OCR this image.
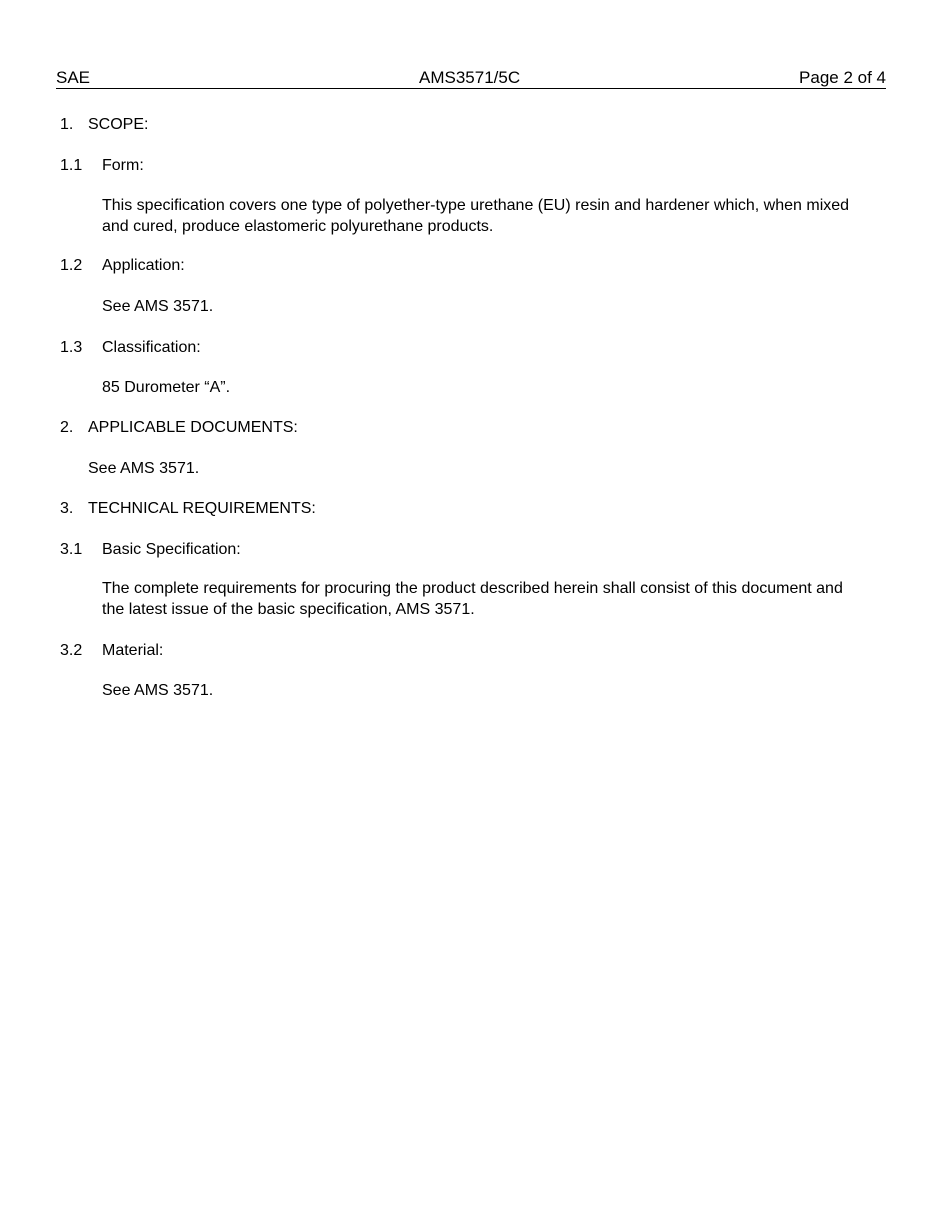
SAE	AMS3571/5C	Page 2 of 4
1. SCOPE:
1.1 Form:
This specification covers one type of polyether-type urethane (EU) resin and hardener which, when mixed and cured, produce elastomeric polyurethane products.
1.2 Application:
See AMS 3571.
1.3 Classification:
85 Durometer “A”.
2. APPLICABLE DOCUMENTS:
See AMS 3571.
3. TECHNICAL REQUIREMENTS:
3.1 Basic Specification:
The complete requirements for procuring the product described herein shall consist of this document and the latest issue of the basic specification, AMS 3571.
3.2 Material:
See AMS 3571.
